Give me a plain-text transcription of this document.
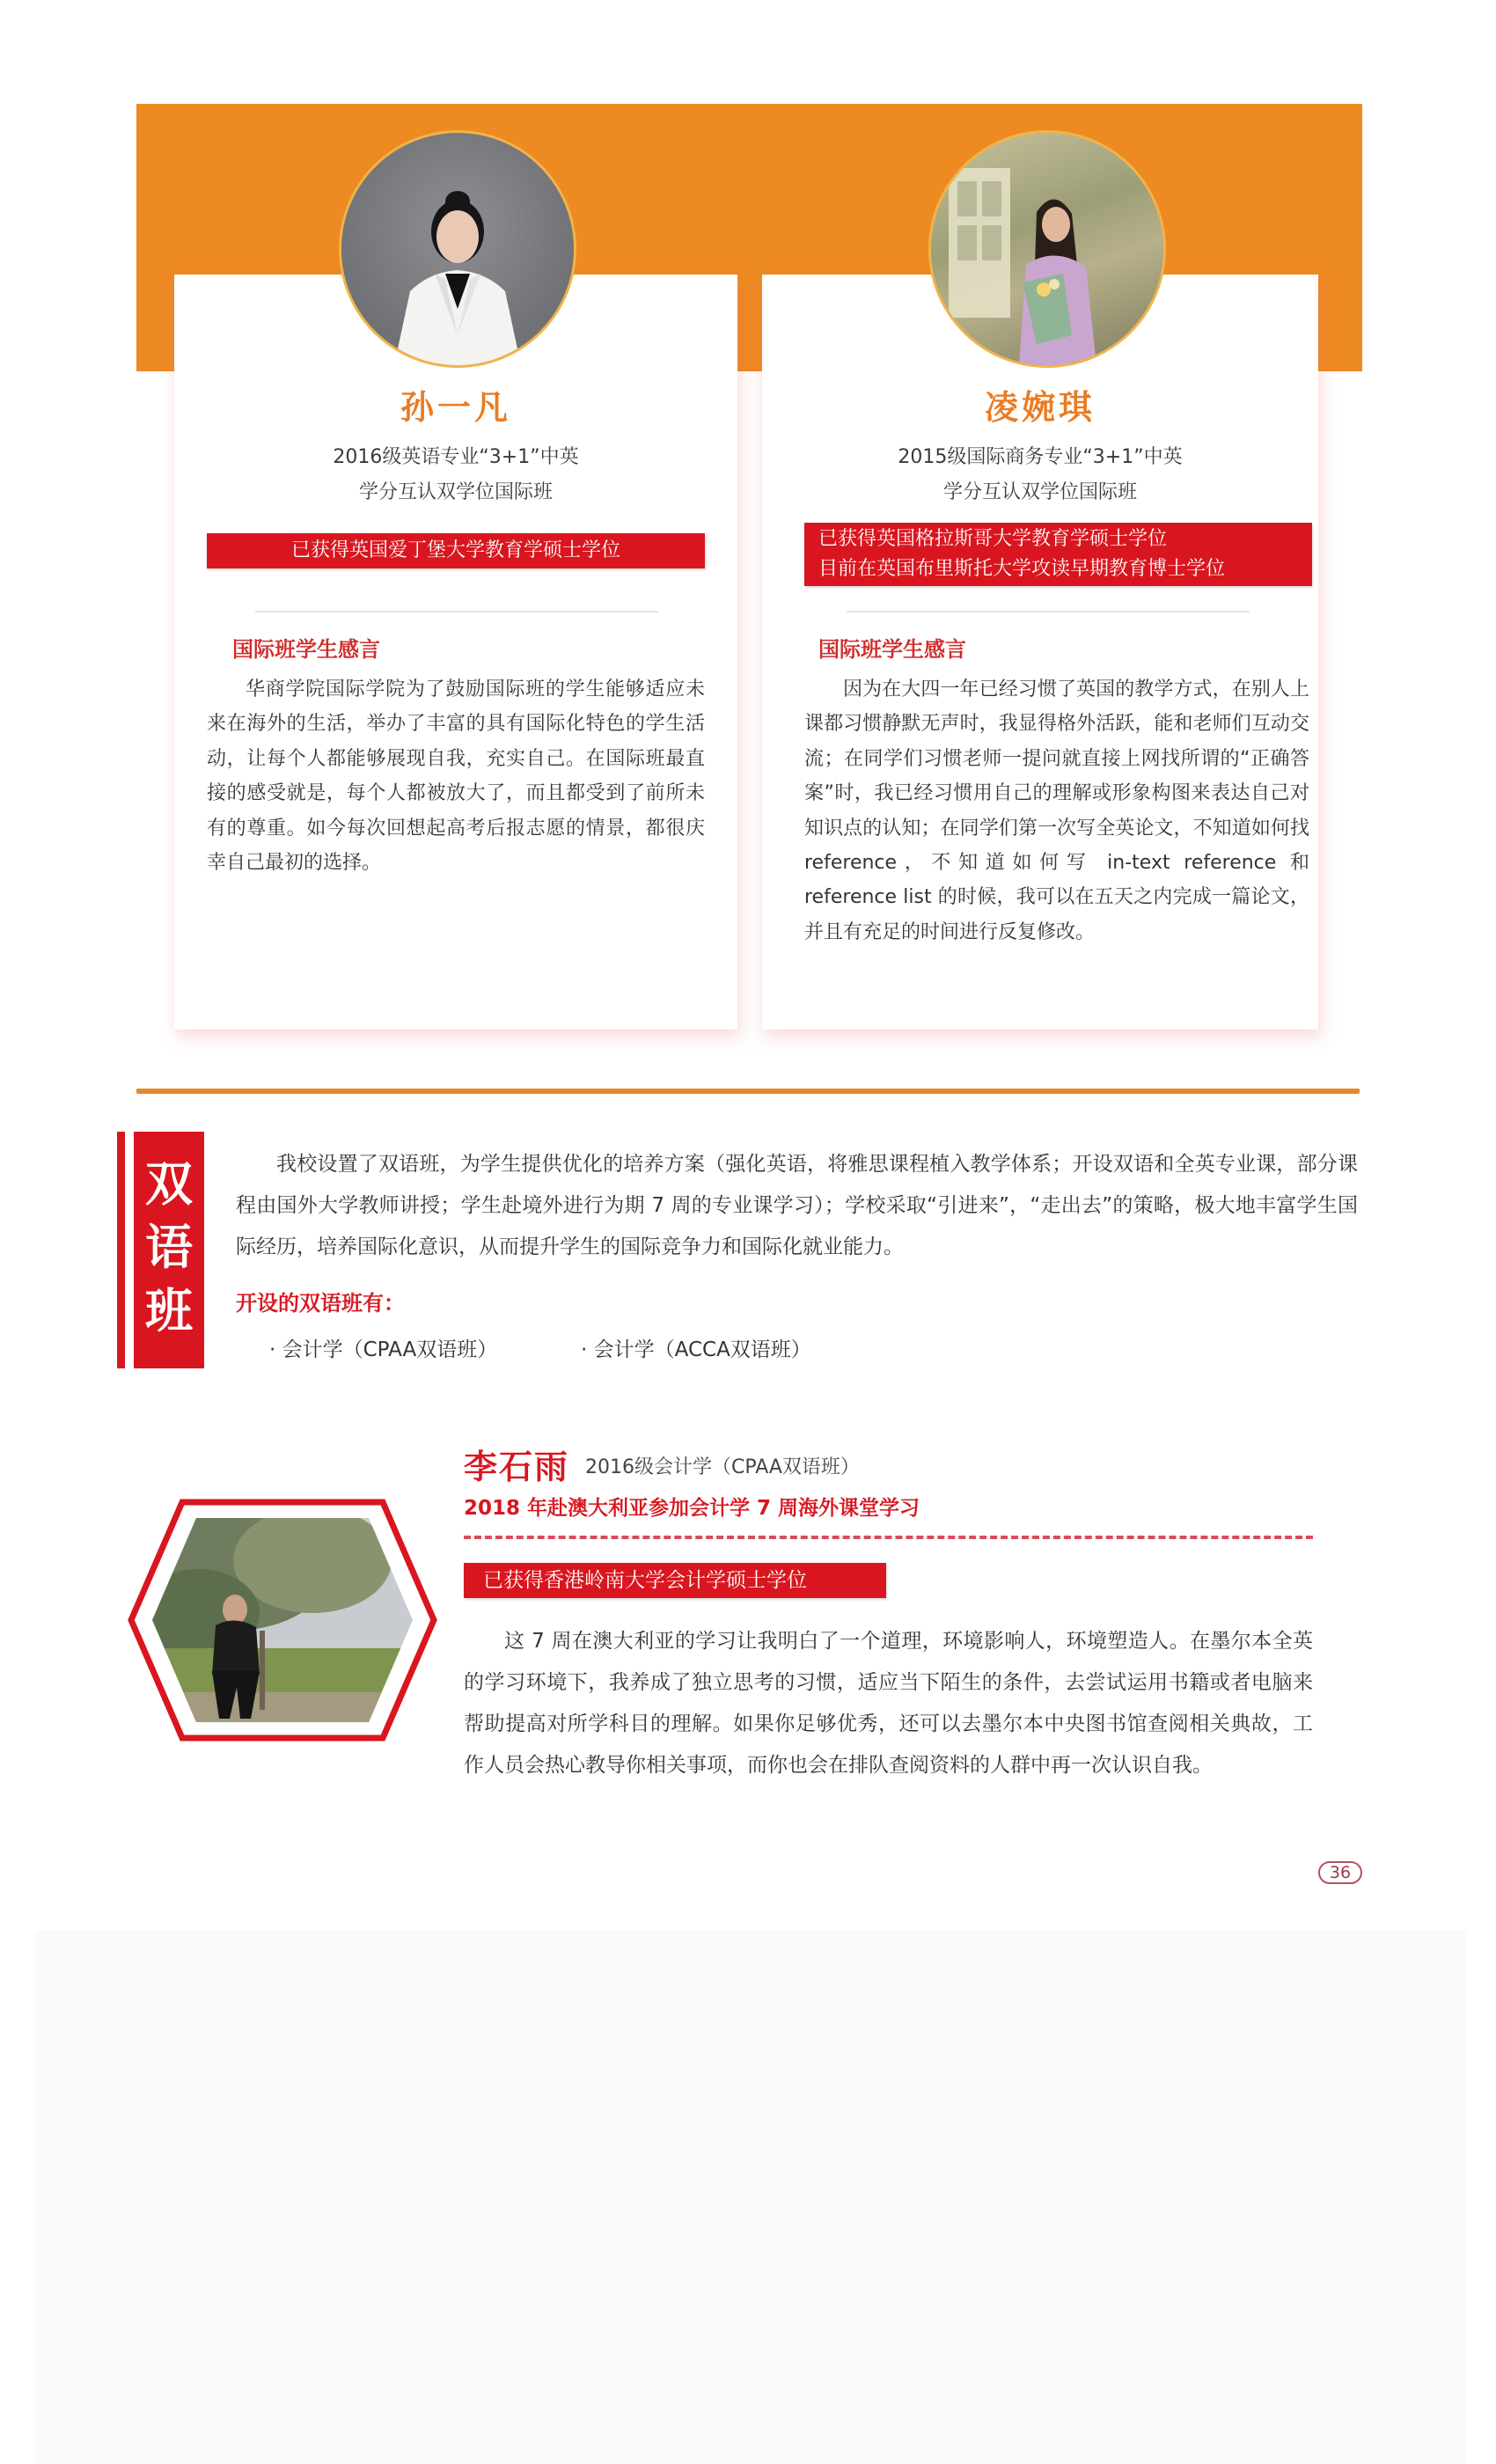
孙一凡
2016级英语专业“3+1”中英
学分互认双学位国际班
已获得英国爱丁堡大学教育学硕士学位
国际班学生感言
华商学院国际学院为了鼓励国际班的学生能够适应未来在海外的生活，举办了丰富的具有国际化特色的学生活动，让每个人都能够展现自我，充实自己。在国际班最直接的感受就是，每个人都被放大了，而且都受到了前所未有的尊重。如今每次回想起高考后报志愿的情景，都很庆幸自己最初的选择。
凌婉琪
2015级国际商务专业“3+1”中英
学分互认双学位国际班
已获得英国格拉斯哥大学教育学硕士学位
目前在英国布里斯托大学攻读早期教育博士学位
国际班学生感言
因为在大四一年已经习惯了英国的教学方式，在别人上课都习惯静默无声时，我显得格外活跃，能和老师们互动交流；在同学们习惯老师一提问就直接上网找所谓的“正确答案”时，我已经习惯用自己的理解或形象构图来表达自己对知识点的认知；在同学们第一次写全英论文，不知道如何找 reference，不知道如何写 in-text reference 和 reference list 的时候，我可以在五天之内完成一篇论文，并且有充足的时间进行反复修改。
双
语
班
我校设置了双语班，为学生提供优化的培养方案（强化英语，将雅思课程植入教学体系；开设双语和全英专业课，部分课程由国外大学教师讲授；学生赴境外进行为期 7 周的专业课学习）；学校采取“引进来”，“走出去”的策略，极大地丰富学生国际经历，培养国际化意识，从而提升学生的国际竞争力和国际化就业能力。
开设的双语班有：
· 会计学（CPAA双语班）	· 会计学（ACCA双语班）
李石雨 2016级会计学（CPAA双语班）
2018 年赴澳大利亚参加会计学 7 周海外课堂学习
已获得香港岭南大学会计学硕士学位
这 7 周在澳大利亚的学习让我明白了一个道理，环境影响人，环境塑造人。在墨尔本全英的学习环境下，我养成了独立思考的习惯，适应当下陌生的条件，去尝试运用书籍或者电脑来帮助提高对所学科目的理解。如果你足够优秀，还可以去墨尔本中央图书馆查阅相关典故，工作人员会热心教导你相关事项，而你也会在排队查阅资料的人群中再一次认识自我。
36
